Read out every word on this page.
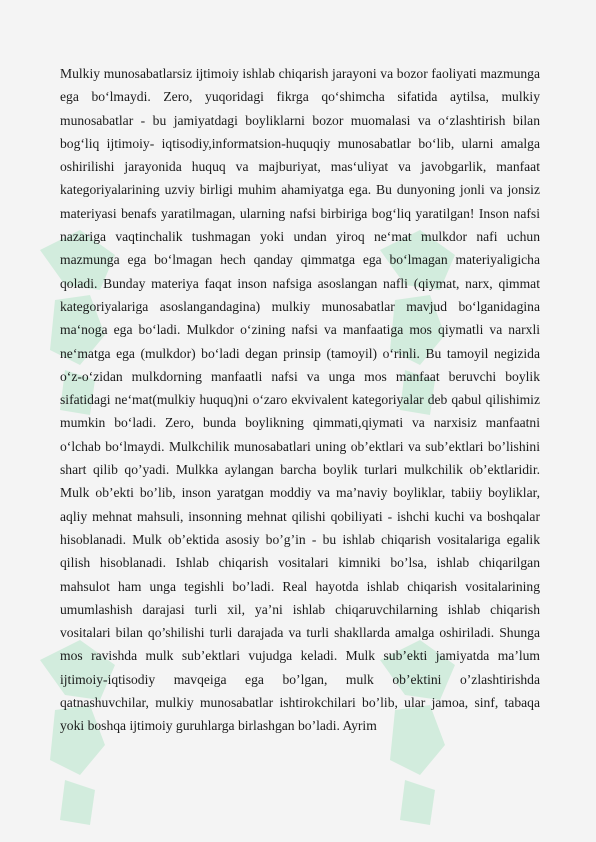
Mulkiy munosabatlarsiz ijtimoiy ishlab chiqarish jarayoni va bozor faoliyati mazmunga ega bo‘lmaydi. Zero, yuqoridagi fikrga qo‘shimcha sifatida aytilsa, mulkiy munosabatlar - bu jamiyatdagi boyliklarni bozor muomalasi va o‘zlashtirish bilan bog‘liq ijtimoiy- iqtisodiy,informatsion-huquqiy munosabatlar bo‘lib, ularni amalga oshirilishi jarayonida huquq va majburiyat, mas‘uliyat va javobgarlik, manfaat kategoriyalarining uzviy birligi muhim ahamiyatga ega. Bu dunyoning jonli va jonsiz materiyasi benafs yaratilmagan, ularning nafsi birbiriga bog‘liq yaratilgan! Inson nafsi nazariga vaqtinchalik tushmagan yoki undan yiroq ne‘mat mulkdor nafi uchun mazmunga ega bo‘lmagan hech qanday qimmatga ega bo‘lmagan materiyaligicha qoladi. Bunday materiya faqat inson nafsiga asoslangan nafli (qiymat, narx, qimmat kategoriyalariga asoslangandagina) mulkiy munosabatlar mavjud bo‘lganidagina ma‘noga ega bo‘ladi. Mulkdor o‘zining nafsi va manfaatiga mos qiymatli va narxli ne‘matga ega (mulkdor) bo‘ladi degan prinsip (tamoyil) o‘rinli. Bu tamoyil negizida o‘z-o‘zidan mulkdorning manfaatli nafsi va unga mos manfaat beruvchi boylik sifatidagi ne‘mat(mulkiy huquq)ni o‘zaro ekvivalent kategoriyalar deb qabul qilishimiz mumkin bo‘ladi. Zero, bunda boylikning qimmati,qiymati va narxisiz manfaatni o‘lchab bo‘lmaydi. Mulkchilik munosabatlari uning ob’ektlari va sub’ektlari bo’lishini shart qilib qo’yadi. Mulkka aylangan barcha boylik turlari mulkchilik ob’ektlaridir. Mulk ob’ekti bo’lib, inson yaratgan moddiy va ma’naviy boyliklar, tabiiy boyliklar, aqliy mehnat mahsuli, insonning mehnat qilishi qobiliyati - ishchi kuchi va boshqalar hisoblanadi. Mulk ob’ektida asosiy bo’g’in - bu ishlab chiqarish vositalariga egalik qilish hisoblanadi. Ishlab chiqarish vositalari kimniki bo’lsa, ishlab chiqarilgan mahsulot ham unga tegishli bo’ladi. Real hayotda ishlab chiqarish vositalarining umumlashish darajasi turli xil, ya’ni ishlab chiqaruvchilarning ishlab chiqarish vositalari bilan qo’shilishi turli darajada va turli shakllarda amalga oshiriladi. Shunga mos ravishda mulk sub’ektlari vujudga keladi. Mulk sub’ekti jamiyatda ma’lum ijtimoiy-iqtisodiy mavqeiga ega bo’lgan, mulk ob’ektini o’zlashtirishda qatnashuvchilar, mulkiy munosabatlar ishtirokchilari bo’lib, ular jamoa, sinf, tabaqa yoki boshqa ijtimoiy guruhlarga birlashgan bo’ladi. Ayrim
